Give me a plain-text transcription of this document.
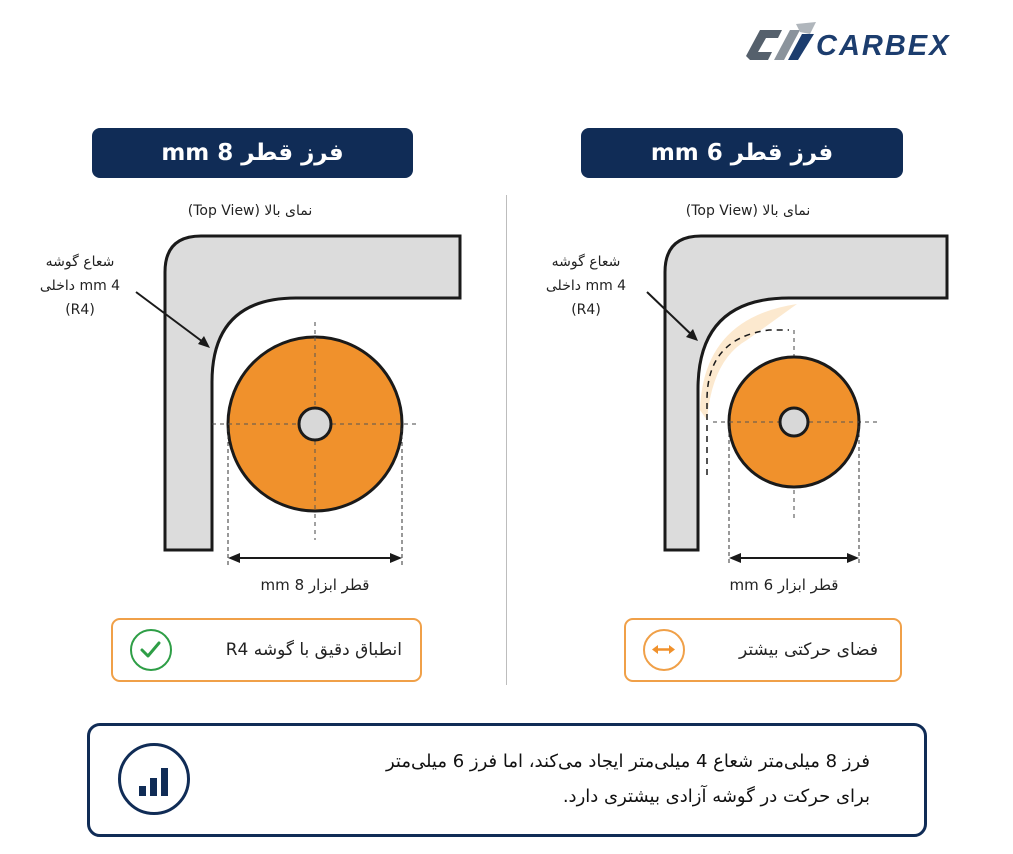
CARBEX
فرز قطر 8 mm	فرز قطر 6 mm
نمای بالا (Top View)	نمای بالا (Top View)
شعاع گوشه
4 mm داخلی
(R4)
شعاع گوشه
4 mm داخلی
(R4)
قطر ابزار 8 mm	قطر ابزار 6 mm
انطباق دقیق با گوشه R4	فضای حرکتی بیشتر
فرز 8 میلی‌متر شعاع 4 میلی‌متر ایجاد می‌کند، اما فرز 6 میلی‌متر
برای حرکت در گوشه آزادی بیشتری دارد.
